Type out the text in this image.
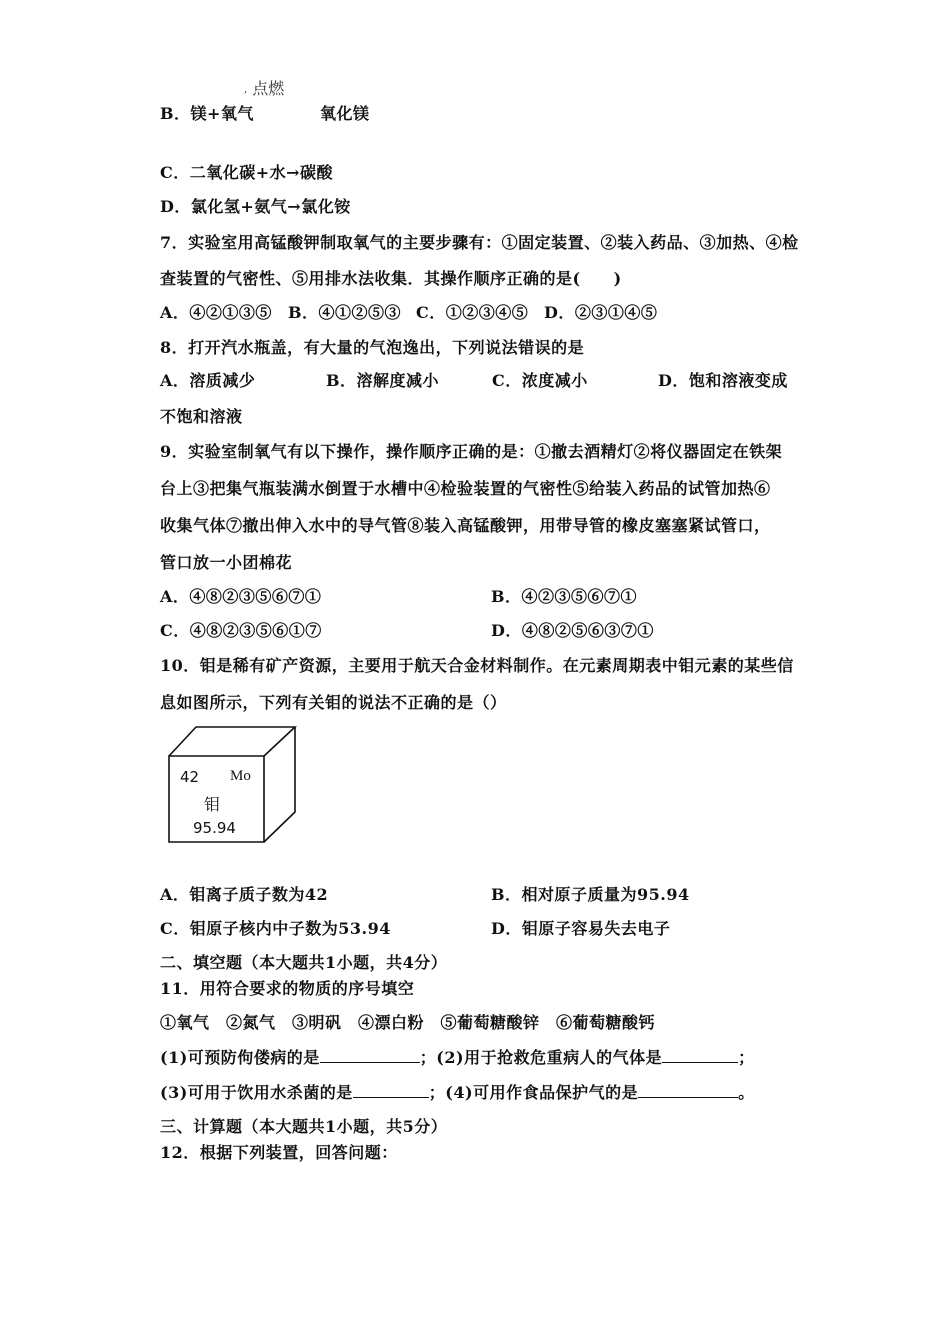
, 点燃
B．镁+氧气	氧化镁
C．二氧化碳+水→碳酸
D．氯化氢+氨气→氯化铵
7．实验室用高锰酸钾制取氧气的主要步骤有：①固定装置、②装入药品、③加热、④检
查装置的气密性、⑤用排水法收集．其操作顺序正确的是(　　)
A．④②①③⑤ B．④①②⑤③ C．①②③④⑤ D．②③①④⑤
8．打开汽水瓶盖，有大量的气泡逸出，下列说法错误的是
A．溶质减少	B．溶解度减小	C．浓度减小	D．饱和溶液变成
不饱和溶液
9．实验室制氧气有以下操作，操作顺序正确的是：①撤去酒精灯②将仪器固定在铁架
台上③把集气瓶装满水倒置于水槽中④检验装置的气密性⑤给装入药品的试管加热⑥
收集气体⑦撤出伸入水中的导气管⑧装入高锰酸钾，用带导管的橡皮塞塞紧试管口，
管口放一小团棉花
A．④⑧②③⑤⑥⑦①	B．④②③⑤⑥⑦①
C．④⑧②③⑤⑥①⑦	D．④⑧②⑤⑥③⑦①
10．钼是稀有矿产资源，主要用于航天合金材料制作。在元素周期表中钼元素的某些信
息如图所示，下列有关钼的说法不正确的是（）
42 Mo
钼
95.94
A．钼离子质子数为42	B．相对原子质量为95.94
C．钼原子核内中子数为53.94	D．钼原子容易失去电子
二、填空题（本大题共1小题，共4分）
11．用符合要求的物质的序号填空
①氧气　②氮气　③明矾　④漂白粉　⑤葡萄糖酸锌　⑥葡萄糖酸钙
(1)可预防佝偻病的是	；(2)用于抢救危重病人的气体是	；
(3)可用于饮用水杀菌的是	；(4)可用作食品保护气的是	。
三、计算题（本大题共1小题，共5分）
12．根据下列装置，回答问题：
